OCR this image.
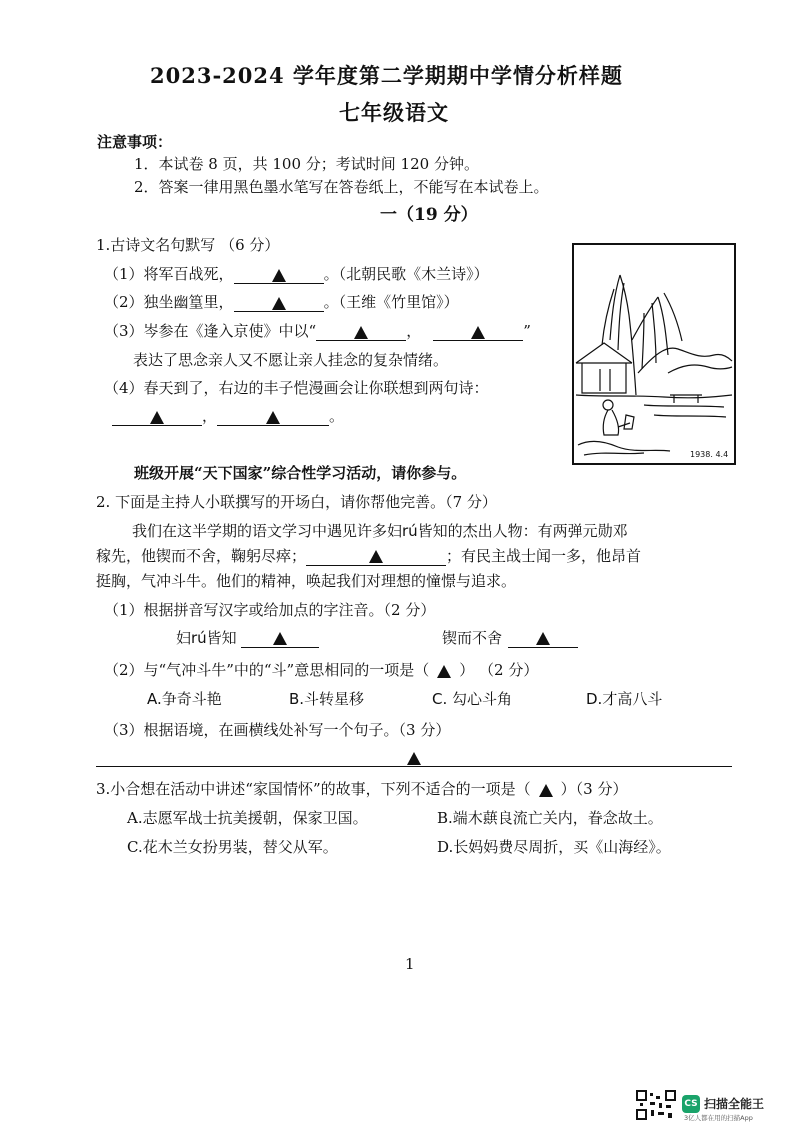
2023-2024 学年度第二学期期中学情分析样题
七年级语文
注意事项：
1．本试卷 8 页，共 100 分；考试时间 120 分钟。
2．答案一律用黑色墨水笔写在答卷纸上，不能写在本试卷上。
一（19 分）
1.古诗文名句默写 （6 分）
（1）将军百战死，	。（北朝民歌《木兰诗》）
（2）独坐幽篁里，	。（王维《竹里馆》）
（3）岑参在《逢入京使》中以“	，	”
表达了思念亲人又不愿让亲人挂念的复杂情绪。
（4）春天到了，右边的丰子恺漫画会让你联想到两句诗：
，	。
1938. 4.4
班级开展“天下国家”综合性学习活动，请你参与。
2. 下面是主持人小联撰写的开场白，请你帮他完善。（7 分）
我们在这半学期的语文学习中遇见许多妇rú皆知的杰出人物：有两弹元勋邓
稼先，他锲而不舍，鞠躬尽瘁；	；有民主战士闻一多，他昂首
挺胸，气冲斗牛。他们的精神，唤起我们对理想的憧憬与追求。
（1）根据拼音写汉字或给加点的字注音。（2 分）
妇rú皆知	锲而不舍
（2）与“气冲斗牛”中的“斗”意思相同的一项是（ ） （2 分）
A.争奇斗艳	B.斗转星移	C. 勾心斗角	D.才高八斗
（3）根据语境，在画横线处补写一个句子。（3 分）
3.小合想在活动中讲述“家国情怀”的故事，下列不适合的一项是（ ）（3 分）
A.志愿军战士抗美援朝，保家卫国。	B.端木蕻良流亡关内，眷念故土。
C.花木兰女扮男装，替父从军。	D.长妈妈费尽周折，买《山海经》。
1
CS 扫描全能王
3亿人都在用的扫描App
